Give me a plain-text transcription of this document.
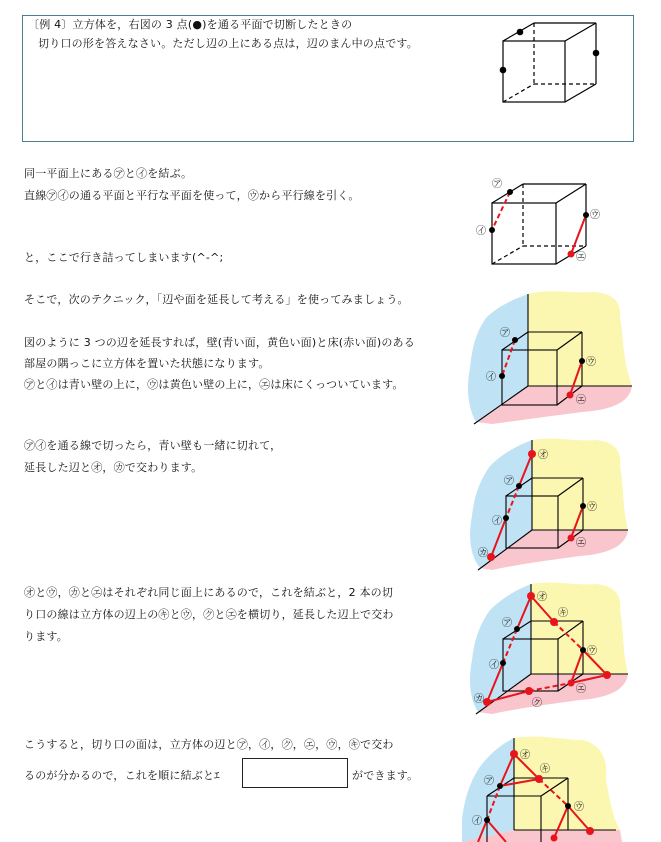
〔例 4〕立方体を，右図の 3 点(●)を通る平面で切断したときの
切り口の形を答えなさい。ただし辺の上にある点は，辺のまん中の点です。
同一平面上にある㋐と㋑を結ぶ。
直線㋐㋑の通る平面と平行な平面を使って，㋒から平行線を引く。
㋐
㋑
㋒
㋓
と，ここで行き詰ってしまいます(^-^;
そこで，次のテクニック，「辺や面を延長して考える」を使ってみましょう。
図のように 3 つの辺を延長すれば，壁(青い面，黄色い面)と床(赤い面)のある
部屋の隅っこに立方体を置いた状態になります。
㋐と㋑は青い壁の上に，㋒は黄色い壁の上に，㋓は床にくっついています。
㋐
㋑
㋒
㋓
㋐㋑を通る線で切ったら，青い壁も一緒に切れて，
延長した辺と㋔，㋕で交わります。
㋔
㋕
㋐
㋑
㋒
㋓
㋔と㋒，㋕と㋓はそれぞれ同じ面上にあるので，これを結ぶと，2 本の切
り口の線は立方体の辺上の㋖と㋒，㋗と㋓を横切り，延長した辺上で交わ
ります。
㋔
㋖
㋕	㋗
㋐
㋑
㋒
㋓
こうすると，切り口の面は，立方体の辺と㋐，㋑，㋗，㋓，㋒，㋖で交わ
るのが分かるので，これを順に結ぶとｴ	ができます。
㋔
㋖
㋐
㋑
㋒
